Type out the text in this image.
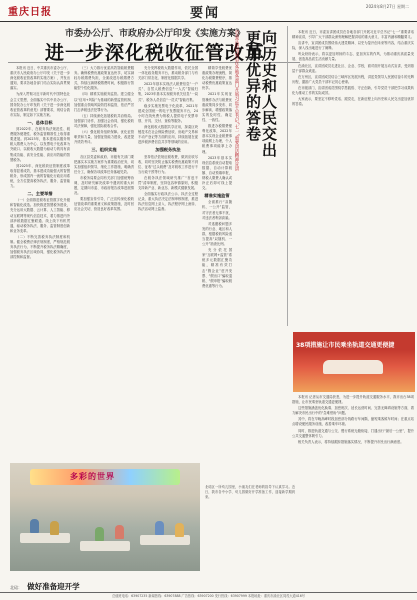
重庆日报	要闻	2024年8月27日 星期二
市委办公厅、市政府办公厅印发《实施方案》
进一步深化税收征管改革

本报讯 近日，中共重庆市委办公厅、重庆市人民政府办公厅印发《关于进一步深化税收征管改革的实施方案》，并发出通知，要求各地各部门结合实际认真贯彻落实。

为深入贯彻习近平新时代中国特色社会主义思想，全面落实中共中央办公厅、国务院办公厅印发的《关于进一步深化税收征管改革的意见》部署要求，现结合我市实际，制定如下实施方案。

一、总体目标

到2022年，在税务执法规范性、税费服务便捷性、税务监管精准性上取得重要进展。到2023年，基本建成以服务纳税人缴费人为中心、以发票电子化改革为突破口、以税收大数据为驱动力的具有高集成功能、高安全性能、高应用效能的智慧税务。

到2025年，深化税收征管制度改革取得显著成效，基本建成功能强大的智慧税务，形成国内一流的智能化行政应用系统，全方位提高税务执法、服务、监管能力。

二、主要举措

（一）全面推进税收征管数字化升级和智能化改造。加快推进智慧税务建设，充分运用大数据、云计算、人工智能、移动互联网等现代信息技术，着力推进内外部涉税数据汇聚联通、线上线下有机贯通，驱动税务执法、服务、监管制度创新和业务变革。

（二）不断完善税务执法制度和机制。健全税费法律法规制度，严格规范税务执法行为，不断提升税务执法精确度，加强税务执法区域协同，强化税务执法内部控制和监督。

（三）大力推行优质高效智能税费服务。确保税费优惠政策直达快享，切实减轻办税缴费负担，全面改进办税缴费方式，持续压减纳税缴费时间，积极推行智能型个性化服务。

（四）精准实施税务监管。建立健全以“信用+风险”为基础的新型监管机制，加强重点领域风险防控和监管，依法严厉打击涉税违法犯罪行为。

（五）持续深化拓展税收共治格局。加强部门协作，加强社会协同，强化税收司法保障，强化国际税收合作。

（六）强化税务组织保障。优化征管职责和力量，加强征管能力建设，改进提升绩效考评。

三、组织实施

各区县党委和政府、市级有关部门要把落实本实施方案作为重要政治任务，切实加强组织领导，细化工作措施，明确责任分工，确保各项改革任务落地见效。

市税务局要会同有关部门加强统筹协调，及时研究解决改革中遇到的重大问题，定期向市委、市政府报告改革进展情况。

要加强宣传引导，广泛宣传深化税收征管改革的重要意义和政策措施，及时回应社会关切，营造良好改革氛围。

充分发挥税收大数据作用，依托全国一体化政务服务平台，推动税务部门与有关部门常态化、制度化数据共享。

2022年基本实现法人税费信息“一户式”、自然人税费信息“一人式”智能归集，2023年基本实现税务机关信息“一局式”、税务人员信息“一员式”智能归集。

稳步实施发票电子化改革，2021年建成全国统一的电子发票服务平台，24小时在线免费为纳税人提供电子发票申领、开具、交付、查验等服务。

深化税收大数据共享应用，探索区块链技术在社会保险费征收、房地产交易和不动产登记等方面的应用，持续拓展在促进涉税涉费信息共享等领域的应用。

加强税务执法

坚持依法依规征税收费，做到应收尽收，同时坚决防止落实税费优惠政策不到位、征收“过头税费”及对税收工作进行不当行政干预等行为。

在税务执法领域研究推广“首违不罚”清单制度，坚持包容审慎原则，积极支持新产业、新业态、新模式健康发展。

全面落实行政执法公示、执法全过程记录、重大执法决定法制审核制度，推进执法信息网上录入、执法程序网上流转、执法活动网上监督。

精简享受税费优惠政策办理流程，简化办税缴费程序，推动税费优惠政策直达快享。

2021年实现征管操作办法与税费优惠政策同步发布、同步解读，增强政策落实的及时性、确定性、一致性。

推进办税缴费便利化改革，2022年基本实现企业税费事项能网上办理，个人税费事项能掌上办理。

2023年基本实现信息系统自动提取数据、自动计算税额、自动预填申报，纳税人缴费人确认或补正后即可线上提交。

精准实施监管

全面推行“双随机、一公开”监管，对守法者无事不扰，对违法者利剑高悬。

对逃避税问题多发的行业、地区和人群，根据税收风险适当提高“双随机、一公开”抽查比例。

充分依托国家“互联网+监管”系统多元数据汇聚功能，精准有效打击“假企业”虚开发票、“假出口”骗取退税、“假申报”骗取税费优惠等行为。

向历史和人民交出
更加优异的答卷
市委宣讲团成员在各地各部门开展习近平总书记“七一”重要讲话精神宣讲	本报讯 近日，市委宣讲团成员在各地各部门开展习近平总书记“七一”重要讲话精神宣讲，引导广大干部群众深刻理解把握讲话的重大意义、丰富内涵和精髓要义。

宣讲中，宣讲团成员围绕伟大建党精神、以史为鉴开创未来等内容，结合重庆实际，深入浅出地进行了阐释。

听众纷纷表示，将以更加昂扬的斗志、更加务实的作风，为推动重庆高质量发展、创造高品质生活贡献力量。

在渝北区，宣讲团成员走进社区、企业、学校，面对面开展互动式宣讲，受到基层干部群众欢迎。

在万州区，宣讲团成员结合三峡库区发展历程，讲述党领导人民团结奋斗的光辉历程，激励广大党员干部牢记初心使命。

在市级部门，宣讲团成员围绕学思践悟、守正创新，引导党员干部把学习成果转化为推动工作的实际成效。

大家表示，要坚定不移听党话、跟党走，在新征程上向历史和人民交出更加优异的答卷。

38项措施让市民乘坐轨道交通更便捷

本报讯 记者从市交通局获悉，为进一步提升轨道交通服务水平，我市出台38项措施，让市民乘坐轨道交通更便捷。

这些措施涵盖优化换乘、加密班次、延长运营时间、完善无障碍设施等方面，着力解决市民出行中的“急难愁盼”问题。

其中，将在早晚高峰时段加密部分线路行车间隔，缩短乘客候车时间；在重点站点增设便民服务设施，改善乘车环境。

同时，推进轨道交通与公交、慢行系统无缝衔接，打通出行“最后一公里”，提升公共交通整体吸引力。

相关负责人表示，将持续跟踪措施落实情况，不断提升市民出行满意度。

多彩的世界
北碚区一所幼儿园里，小朋友们在老师的指导下认真学习。近日，我市各中小学、幼儿园做好开学准备工作，迎接新学期到来。
北碚： 做好准备迎开学
总值班电话：63907235 新闻热线：63907888 广告热线：63907200 发行热线：63907999 本报地址：重庆市渝北区同茂大道416号
